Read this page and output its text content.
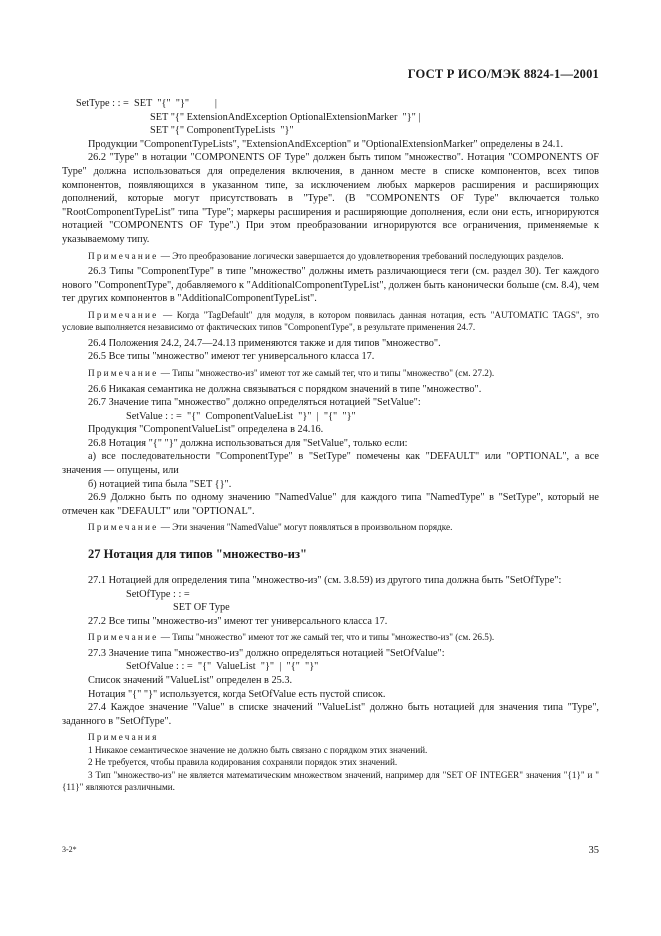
ГОСТ Р ИСО/МЭК 8824-1—2001
SetType : : =  SET  "{"  "}"          |
SET "{" ExtensionAndException OptionalExtensionMarker  "}" |
SET "{" ComponentTypeLists  "}"
Продукции "ComponentTypeLists", "ExtensionAndException" и "OptionalExtensionMarker" определены в 24.1.
26.2 "Type" в нотации "COMPONENTS OF Type" должен быть типом "множество". Нотация "COMPONENTS OF Type" должна использоваться для определения включения, в данном месте в списке компонентов, всех типов компонентов, появляющихся в указанном типе, за исключением любых маркеров расширения и расширяющих дополнений, которые могут присутствовать в "Type". (В "COMPONENTS OF Type" включается только "RootComponentTypeList" типа "Type"; маркеры расширения и расширяющие дополнения, если они есть, игнорируются нотацией "COMPONENTS OF Type".) При этом преобразовании игнорируются все ограничения, применяемые к указываемому типу.
Примечание — Это преобразование логически завершается до удовлетворения требований последующих разделов.
26.3 Типы "ComponentType" в типе "множество" должны иметь различающиеся теги (см. раздел 30). Тег каждого нового "ComponentType", добавляемого к "AdditionalComponentTypeList", должен быть канонически больше (см. 8.4), чем тег других компонентов в "AdditionalComponentTypeList".
Примечание — Когда "TagDefault" для модуля, в котором появилась данная нотация, есть "AUTOMATIC TAGS", это условие выполняется независимо от фактических типов "ComponentType", в результате применения 24.7.
26.4 Положения 24.2, 24.7—24.13 применяются также и для типов "множество".
26.5 Все типы "множество" имеют тег универсального класса 17.
Примечание — Типы "множество-из" имеют тот же самый тег, что и типы "множество" (см. 27.2).
26.6 Никакая семантика не должна связываться с порядком значений в типе "множество".
26.7 Значение типа "множество" должно определяться нотацией "SetValue":
SetValue : : =  "{"  ComponentValueList  "}"  |  "{"  "}"
Продукция "ComponentValueList" определена в 24.16.
26.8 Нотация "{" "}" должна использоваться для "SetValue", только если:
а) все последовательности "ComponentType" в "SetType" помечены как "DEFAULT" или "OPTIONAL", а все значения — опущены, или
б) нотацией типа была "SET {}".
26.9 Должно быть по одному значению "NamedValue" для каждого типа "NamedType" в "SetType", который не отмечен как "DEFAULT" или "OPTIONAL".
Примечание — Эти значения "NamedValue" могут появляться в произвольном порядке.
27 Нотация для типов "множество-из"
27.1 Нотацией для определения типа "множество-из" (см. 3.8.59) из другого типа должна быть "SetOfType":
SetOfType : : =
SET OF Type
27.2 Все типы "множество-из" имеют тег универсального класса 17.
Примечание — Типы "множество" имеют тот же самый тег, что и типы "множество-из" (см. 26.5).
27.3 Значение типа "множество-из" должно определяться нотацией "SetOfValue":
SetOfValue : : =  "{"  ValueList  "}"  |  "{"  "}"
Список значений "ValueList" определен в 25.3.
Нотация "{" "}" используется, когда SetOfValue есть пустой список.
27.4 Каждое значение "Value" в списке значений "ValueList" должно быть нотацией для значения типа "Type", заданного в "SetOfType".
Примечания
1 Никакое семантическое значение не должно быть связано с порядком этих значений.
2 Не требуется, чтобы правила кодирования сохраняли порядок этих значений.
3 Тип "множество-из" не является математическим множеством значений, например для "SET OF INTEGER" значения "{1}" и "{11}" являются различными.
3-2*	35
